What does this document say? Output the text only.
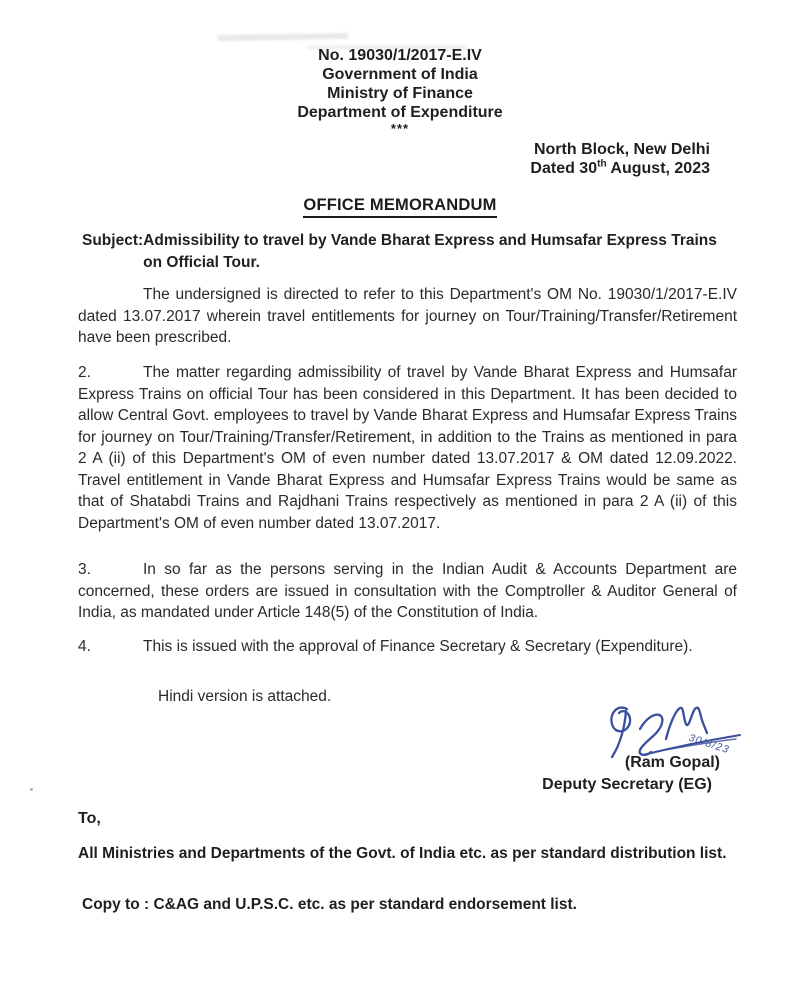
No. 19030/1/2017-E.IV
Government of India
Ministry of Finance
Department of Expenditure
***
North Block, New Delhi
Dated 30th August, 2023
OFFICE MEMORANDUM
Subject: Admissibility to travel by Vande Bharat Express and Humsafar Express Trains on Official Tour.
The undersigned is directed to refer to this Department's OM No. 19030/1/2017-E.IV dated 13.07.2017 wherein travel entitlements for journey on Tour/Training/Transfer/Retirement have been prescribed.
2.	The matter regarding admissibility of travel by Vande Bharat Express and Humsafar Express Trains on official Tour has been considered in this Department. It has been decided to allow Central Govt. employees to travel by Vande Bharat Express and Humsafar Express Trains for journey on Tour/Training/Transfer/Retirement, in addition to the Trains as mentioned in para 2 A (ii) of this Department's OM of even number dated 13.07.2017 & OM dated 12.09.2022. Travel entitlement in Vande Bharat Express and Humsafar Express Trains would be same as that of Shatabdi Trains and Rajdhani Trains respectively as mentioned in para 2 A (ii) of this Department's OM of even number dated 13.07.2017.
3.	In so far as the persons serving in the Indian Audit & Accounts Department are concerned, these orders are issued in consultation with the Comptroller & Auditor General of India, as mandated under Article 148(5) of the Constitution of India.
4.	This is issued with the approval of Finance Secretary & Secretary (Expenditure).
Hindi version is attached.
30/8/23
(Ram Gopal)
Deputy Secretary (EG)
To,
All Ministries and Departments of the Govt. of India etc. as per standard distribution list.
Copy to : C&AG and U.P.S.C. etc. as per standard endorsement list.
